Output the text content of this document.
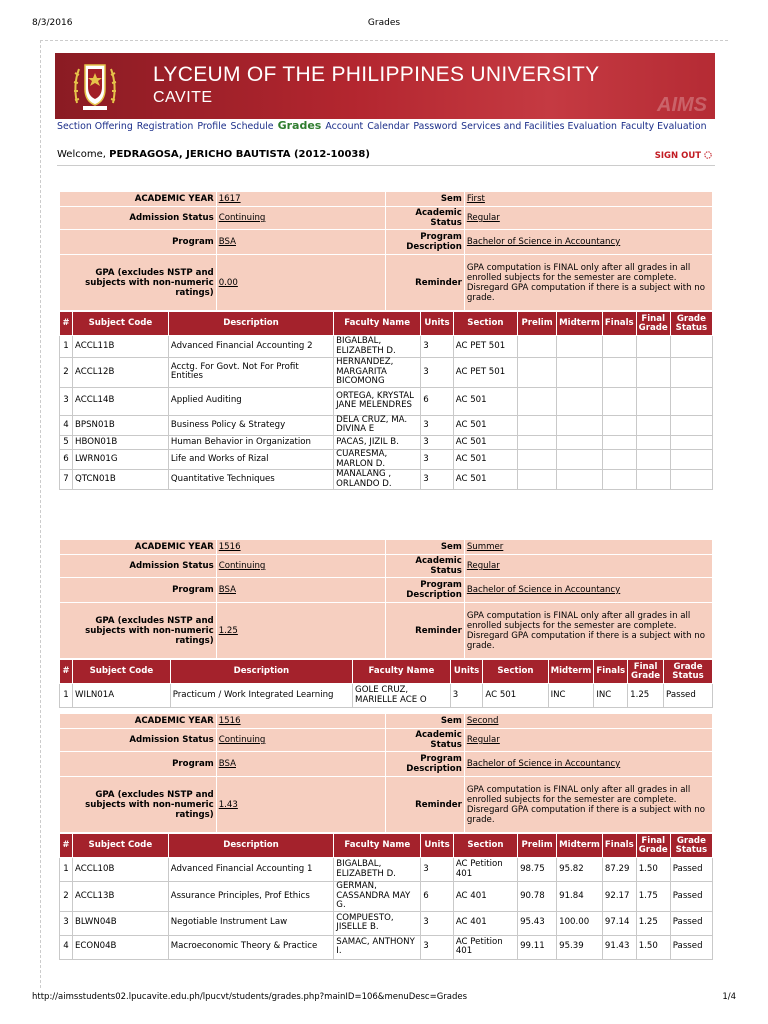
8/3/2016	Grades
LYCEUM OF THE PHILIPPINES UNIVERSITY
CAVITE	AIMS
Section Offering Registration Profile Schedule Grades Account Calendar Password Services and Facilities Evaluation Faculty Evaluation
Welcome, PEDRAGOSA, JERICHO BAUTISTA (2012-10038)	SIGN OUT
ACADEMIC YEAR	1617	Sem	First
Admission Status	Continuing	Academic Status	Regular
Program	BSA	Program Description	Bachelor of Science in Accountancy
GPA (excludes NSTP and subjects with non-numeric ratings)	0.00	Reminder	GPA computation is FINAL only after all grades in all enrolled subjects for the semester are complete. Disregard GPA computation if there is a subject with no grade.
#	Subject Code	Description	Faculty Name	Units	Section	Prelim	Midterm	Finals	Final Grade	Grade Status
1	ACCL11B	Advanced Financial Accounting 2	BIGALBAL, ELIZABETH D.	3	AC PET 501					
2	ACCL12B	Acctg. For Govt. Not For Profit Entities	HERNANDEZ, MARGARITA BICOMONG	3	AC PET 501					
3	ACCL14B	Applied Auditing	ORTEGA, KRYSTAL JANE MELENDRES	6	AC 501					
4	BPSN01B	Business Policy & Strategy	DELA CRUZ, MA. DIVINA E	3	AC 501					
5	HBON01B	Human Behavior in Organization	PACAS, JIZIL B.	3	AC 501					
6	LWRN01G	Life and Works of Rizal	CUARESMA, MARLON D.	3	AC 501					
7	QTCN01B	Quantitative Techniques	MANALANG , ORLANDO D.	3	AC 501					
ACADEMIC YEAR	1516	Sem	Summer
Admission Status	Continuing	Academic Status	Regular
Program	BSA	Program Description	Bachelor of Science in Accountancy
GPA (excludes NSTP and subjects with non-numeric ratings)	1.25	Reminder	GPA computation is FINAL only after all grades in all enrolled subjects for the semester are complete. Disregard GPA computation if there is a subject with no grade.
#	Subject Code	Description	Faculty Name	Units	Section	Midterm	Finals	Final Grade	Grade Status
1	WILN01A	Practicum / Work Integrated Learning	GOLE CRUZ, MARIELLE ACE O	3	AC 501	INC	INC	1.25	Passed
ACADEMIC YEAR	1516	Sem	Second
Admission Status	Continuing	Academic Status	Regular
Program	BSA	Program Description	Bachelor of Science in Accountancy
GPA (excludes NSTP and subjects with non-numeric ratings)	1.43	Reminder	GPA computation is FINAL only after all grades in all enrolled subjects for the semester are complete. Disregard GPA computation if there is a subject with no grade.
#	Subject Code	Description	Faculty Name	Units	Section	Prelim	Midterm	Finals	Final Grade	Grade Status
1	ACCL10B	Advanced Financial Accounting 1	BIGALBAL, ELIZABETH D.	3	AC Petition 401	98.75	95.82	87.29	1.50	Passed
2	ACCL13B	Assurance Principles, Prof Ethics	GERMAN, CASSANDRA MAY G.	6	AC 401	90.78	91.84	92.17	1.75	Passed
3	BLWN04B	Negotiable Instrument Law	COMPUESTO, JISELLE B.	3	AC 401	95.43	100.00	97.14	1.25	Passed
4	ECON04B	Macroeconomic Theory & Practice	SAMAC, ANTHONY I.	3	AC Petition 401	99.11	95.39	91.43	1.50	Passed
http://aimsstudents02.lpucavite.edu.ph/lpucvt/students/grades.php?mainID=106&menuDesc=Grades	1/4
